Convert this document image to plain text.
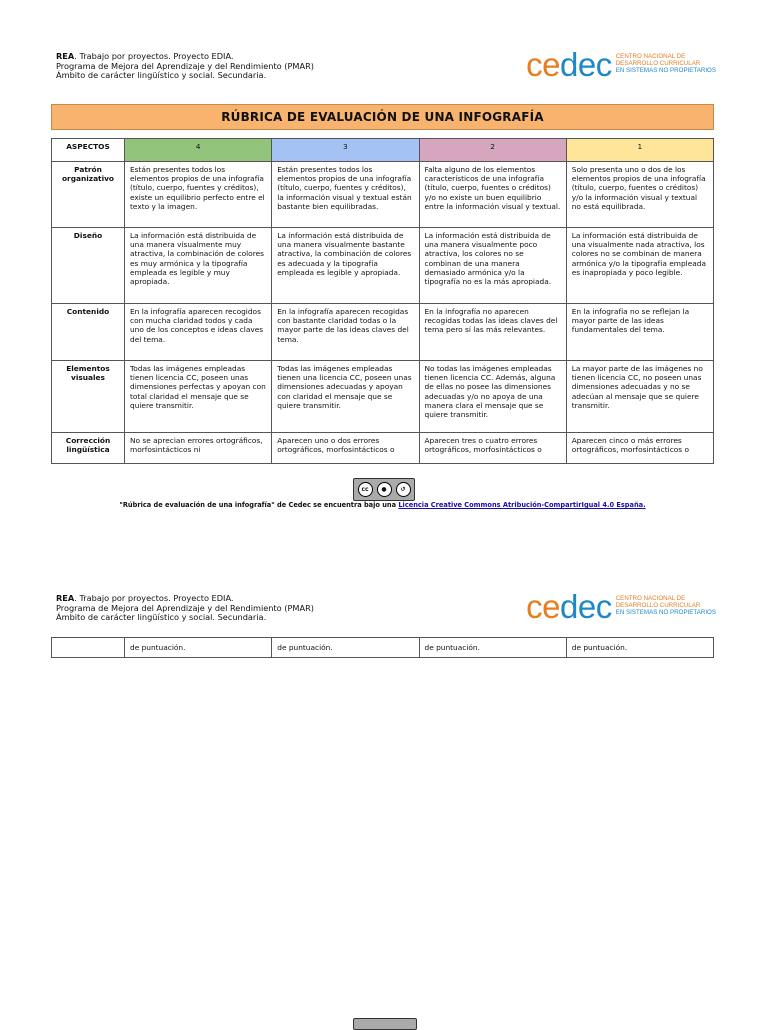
REA. Trabajo por proyectos. Proyecto EDIA.
Programa de Mejora del Aprendizaje y del Rendimiento (PMAR)
Ámbito de carácter lingüístico y social. Secundaria.	cedec CENTRO NACIONAL DE
DESARROLLO CURRICULAR
EN SISTEMAS NO PROPIETARIOS
RÚBRICA DE EVALUACIÓN DE UNA INFOGRAFÍA
ASPECTOS	4	3	2	1
Patrón organizativo	Están presentes todos los elementos propios de una infografía (título, cuerpo, fuentes y créditos), existe un equilibrio perfecto entre el texto y la imagen.	Están presentes todos los elementos propios de una infografía (título, cuerpo, fuentes y créditos), la información visual y textual están bastante bien equilibradas.	Falta alguno de los elementos característicos de una infografía (título, cuerpo, fuentes o créditos) y/o no existe un buen equilibrio entre la información visual y textual.	Solo presenta uno o dos de los elementos propios de una infografía (título, cuerpo, fuentes o créditos) y/o la información visual y textual no está equilibrada.
Diseño	La información está distribuida de una manera visualmente muy atractiva, la combinación de colores es muy armónica y la tipografía empleada es legible y muy apropiada.	La información está distribuida de una manera visualmente bastante atractiva, la combinación de colores es adecuada y la tipografía empleada es legible y apropiada.	La información está distribuida de una manera visualmente poco atractiva, los colores no se combinan de una manera demasiado armónica y/o la tipografía no es la más apropiada.	La información está distribuida de una visualmente nada atractiva, los colores no se combinan de manera armónica y/o la tipografía empleada es inapropiada y poco legible.
Contenido	En la infografía aparecen recogidos con mucha claridad todos y cada uno de los conceptos e ideas claves del tema.	En la infografía aparecen recogidas con bastante claridad todas o la mayor parte de las ideas claves del tema.	En la infografía no aparecen recogidas todas las ideas claves del tema pero sí las más relevantes.	En la infografía no se reflejan la mayor parte de las ideas fundamentales del tema.
Elementos visuales	Todas las imágenes empleadas tienen licencia CC, poseen unas dimensiones perfectas y apoyan con total claridad el mensaje que se quiere transmitir.	Todas las imágenes empleadas tienen una licencia CC, poseen unas dimensiones adecuadas y apoyan con claridad el mensaje que se quiere transmitir.	No todas las imágenes empleadas tienen licencia CC. Además, alguna de ellas no posee las dimensiones adecuadas y/o no apoya de una manera clara el mensaje que se quiere transmitir.	La mayor parte de las imágenes no tienen licencia CC, no poseen unas dimensiones adecuadas y no se adecúan al mensaje que se quiere transmitir.
Corrección lingüística	No se aprecian errores ortográficos, morfosintácticos ni	Aparecen uno o dos errores ortográficos, morfosintácticos o	Aparecen tres o cuatro errores ortográficos, morfosintácticos o	Aparecen cinco o más errores ortográficos, morfosintácticos o
cc	●	↺
"Rúbrica de evaluación de una infografía" de Cedec se encuentra bajo una Licencia Creative Commons Atribución-CompartirIgual 4.0 España.
REA. Trabajo por proyectos. Proyecto EDIA.
Programa de Mejora del Aprendizaje y del Rendimiento (PMAR)
Ámbito de carácter lingüístico y social. Secundaria.	cedec CENTRO NACIONAL DE
DESARROLLO CURRICULAR
EN SISTEMAS NO PROPIETARIOS
	de puntuación.	de puntuación.	de puntuación.	de puntuación.
